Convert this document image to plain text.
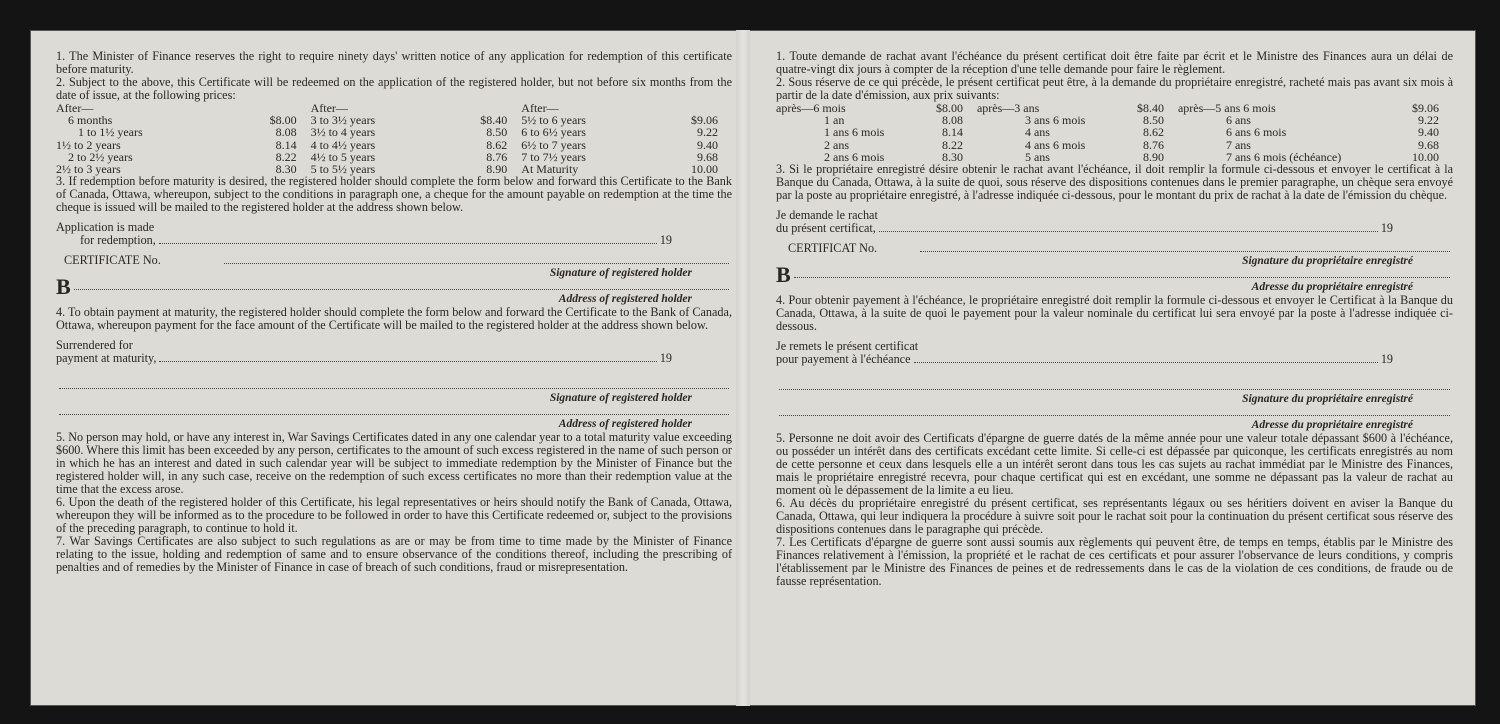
1. The Minister of Finance reserves the right to require ninety days' written notice of any application for redemption of this certificate before maturity.

2. Subject to the above, this Certificate will be redeemed on the application of the registered holder, but not before six months from the date of issue, at the following prices:

After—		After—		After—	
6 months	$8.00	3 to 3½ years	$8.40	5½ to 6 years	$9.06
1 to 1½ years	8.08	3½ to 4 years	8.50	6 to 6½ years	9.22
1½ to 2 years	8.14	4 to 4½ years	8.62	6½ to 7 years	9.40
2 to 2½ years	8.22	4½ to 5 years	8.76	7 to 7½ years	9.68
2½ to 3 years	8.30	5 to 5½ years	8.90	At Maturity	10.00

3. If redemption before maturity is desired, the registered holder should complete the form below and forward this Certificate to the Bank of Canada, Ottawa, whereupon, subject to the conditions in paragraph one, a cheque for the amount payable on redemption at the time the cheque is issued will be mailed to the registered holder at the address shown below.

Application is made
for redemption,	19
CERTIFICATE No.
Signature of registered holder
B	Address of registered holder

4. To obtain payment at maturity, the registered holder should complete the form below and forward the Certificate to the Bank of Canada, Ottawa, whereupon payment for the face amount of the Certificate will be mailed to the registered holder at the address shown below.

Surrendered for
payment at maturity,	19
Signature of registered holder
Address of registered holder

5. No person may hold, or have any interest in, War Savings Certificates dated in any one calendar year to a total maturity value exceeding $600. Where this limit has been exceeded by any person, certificates to the amount of such excess registered in the name of such person or in which he has an interest and dated in such calendar year will be subject to immediate redemption by the Minister of Finance but the registered holder will, in any such case, receive on the redemption of such excess certificates no more than their redemption value at the time that the excess arose.

6. Upon the death of the registered holder of this Certificate, his legal representatives or heirs should notify the Bank of Canada, Ottawa, whereupon they will be informed as to the procedure to be followed in order to have this Certificate redeemed or, subject to the provisions of the preceding paragraph, to continue to hold it.

7. War Savings Certificates are also subject to such regulations as are or may be from time to time made by the Minister of Finance relating to the issue, holding and redemption of same and to ensure observance of the conditions thereof, including the prescribing of penalties and of remedies by the Minister of Finance in case of breach of such conditions, fraud or misrepresentation.

1. Toute demande de rachat avant l'échéance du présent certificat doit être faite par écrit et le Ministre des Finances aura un délai de quatre-vingt dix jours à compter de la réception d'une telle demande pour faire le règlement.

2. Sous réserve de ce qui précède, le présent certificat peut être, à la demande du propriétaire enregistré, racheté mais pas avant six mois à partir de la date d'émission, aux prix suivants:

après—6 mois	$8.00	après—3 ans	$8.40	après—5 ans 6 mois	$9.06
1 an	8.08	3 ans 6 mois	8.50	6 ans	9.22
1 ans 6 mois	8.14	4 ans	8.62	6 ans 6 mois	9.40
2 ans	8.22	4 ans 6 mois	8.76	7 ans	9.68
2 ans 6 mois	8.30	5 ans	8.90	7 ans 6 mois (échéance)	10.00

3. Si le propriétaire enregistré désire obtenir le rachat avant l'échéance, il doit remplir la formule ci-dessous et envoyer le certificat à la Banque du Canada, Ottawa, à la suite de quoi, sous réserve des dispositions contenues dans le premier paragraphe, un chèque sera envoyé par la poste au propriétaire enregistré, à l'adresse indiquée ci-dessous, pour le montant du prix de rachat à la date de l'émission du chèque.

Je demande le rachat
du présent certificat,	19
CERTIFICAT No.
Signature du propriétaire enregistré
B	Adresse du propriétaire enregistré

4. Pour obtenir payement à l'échéance, le propriétaire enregistré doit remplir la formule ci-dessous et envoyer le Certificat à la Banque du Canada, Ottawa, à la suite de quoi le payement pour la valeur nominale du certificat lui sera envoyé par la poste à l'adresse indiquée ci-dessous.

Je remets le présent certificat
pour payement à l'échéance	19
Signature du propriétaire enregistré
Adresse du propriétaire enregistré

5. Personne ne doit avoir des Certificats d'épargne de guerre datés de la même année pour une valeur totale dépassant $600 à l'échéance, ou posséder un intérêt dans des certificats excédant cette limite. Si celle-ci est dépassée par quiconque, les certificats enregistrés au nom de cette personne et ceux dans lesquels elle a un intérêt seront dans tous les cas sujets au rachat immédiat par le Ministre des Finances, mais le propriétaire enregistré recevra, pour chaque certificat qui est en excédant, une somme ne dépassant pas la valeur de rachat au moment où le dépassement de la limite a eu lieu.

6. Au décès du propriétaire enregistré du présent certificat, ses représentants légaux ou ses héritiers doivent en aviser la Banque du Canada, Ottawa, qui leur indiquera la procédure à suivre soit pour le rachat soit pour la continuation du présent certificat sous réserve des dispositions contenues dans le paragraphe qui précède.

7. Les Certificats d'épargne de guerre sont aussi soumis aux règlements qui peuvent être, de temps en temps, établis par le Ministre des Finances relativement à l'émission, la propriété et le rachat de ces certificats et pour assurer l'observance de leurs conditions, y compris l'établissement par le Ministre des Finances de peines et de redressements dans le cas de la violation de ces conditions, de fraude ou de fausse représentation.
